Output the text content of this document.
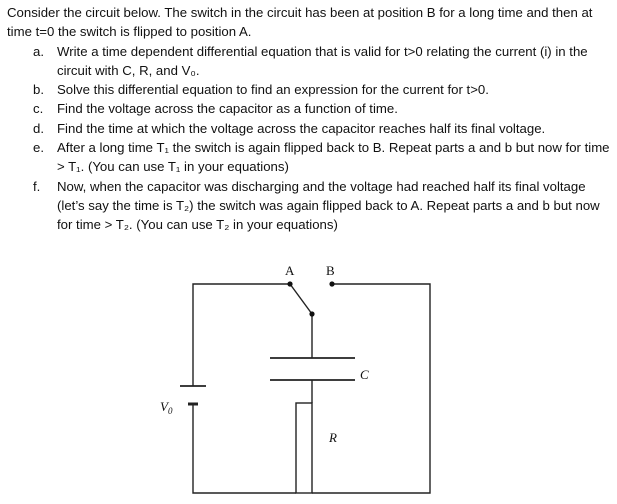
Consider the circuit below. The switch in the circuit has been at position B for a long time and then at time t=0 the switch is flipped to position A.

a. Write a time dependent differential equation that is valid for t>0 relating the current (i) in the circuit with C, R, and V₀.
b. Solve this differential equation to find an expression for the current for t>0.
c. Find the voltage across the capacitor as a function of time.
d. Find the time at which the voltage across the capacitor reaches half its final voltage.
e. After a long time T₁ the switch is again flipped back to B. Repeat parts a and b but now for time > T₁. (You can use T₁ in your equations)
f. Now, when the capacitor was discharging and the voltage had reached half its final voltage (let’s say the time is T₂) the switch was again flipped back to A. Repeat parts a and b but now for time > T₂. (You can use T₂ in your equations)
A B
C
R
$V_0$
